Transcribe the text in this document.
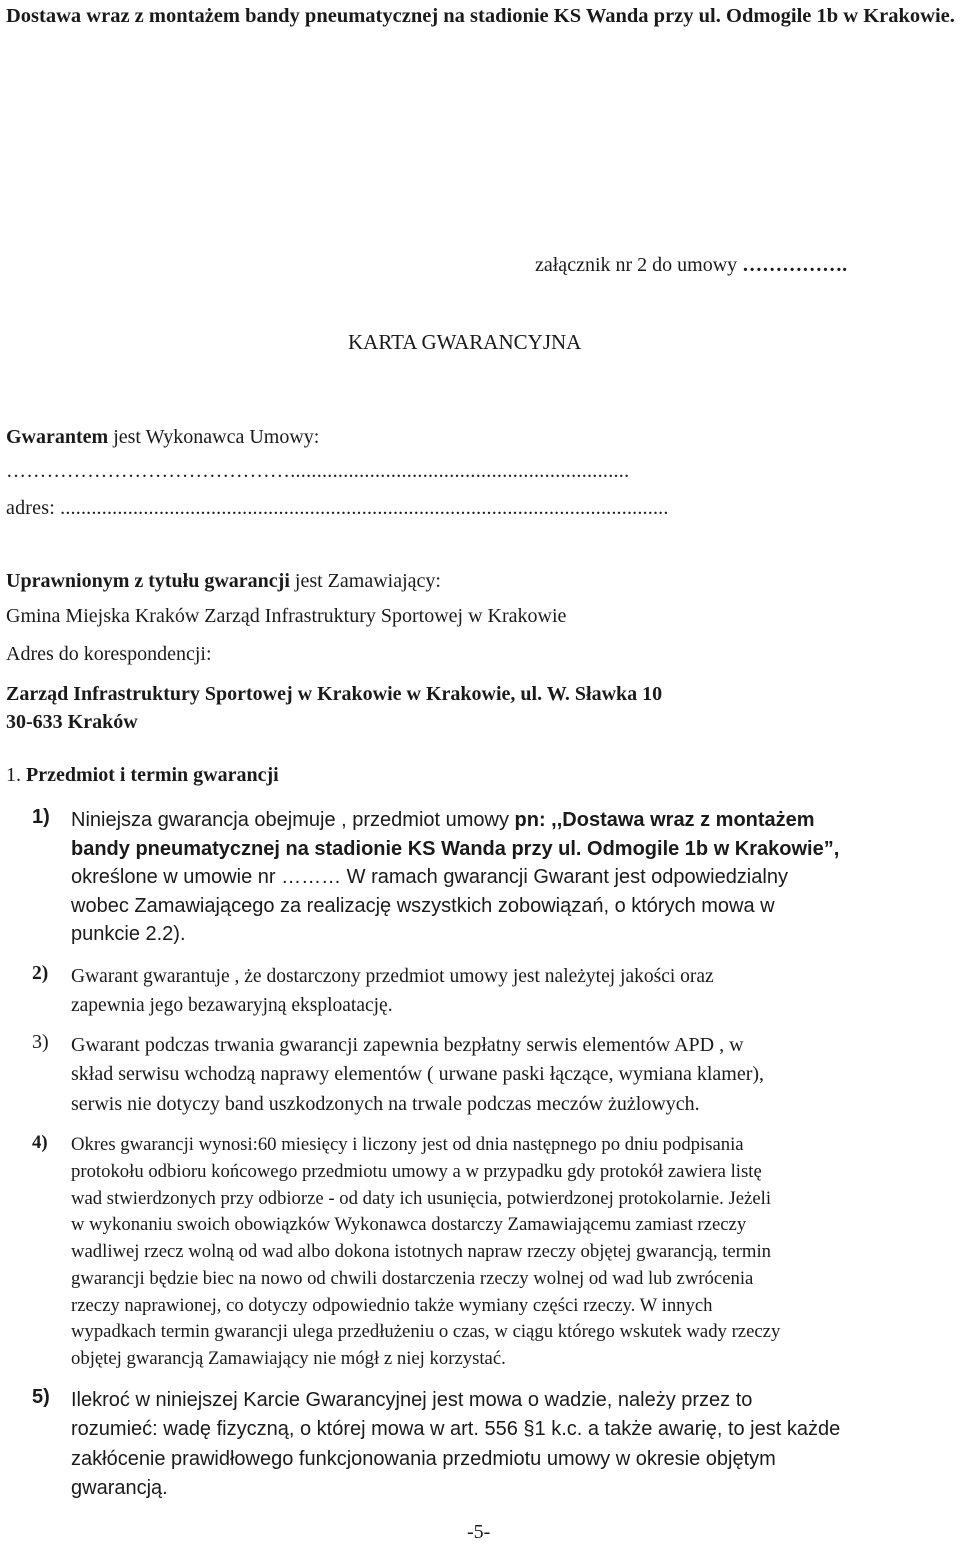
Dostawa wraz z montażem bandy pneumatycznej na stadionie KS Wanda przy ul. Odmogile 1b w Krakowie.
załącznik nr 2 do umowy …………….
KARTA GWARANCYJNA
Gwarantem jest Wykonawca Umowy:
……………………………………................................................................
adres: .....................................................................................................................
Uprawnionym z tytułu gwarancji jest Zamawiający:
Gmina Miejska Kraków Zarząd Infrastruktury Sportowej w Krakowie
Adres do korespondencji:
Zarząd Infrastruktury Sportowej w Krakowie w Krakowie, ul. W. Sławka 10
30-633 Kraków
1. Przedmiot i termin gwarancji
1) Niniejsza gwarancja obejmuje , przedmiot umowy pn: ,,Dostawa wraz z montażem
bandy pneumatycznej na stadionie KS Wanda przy ul. Odmogile 1b w Krakowie”,
określone w umowie nr ……… W ramach gwarancji Gwarant jest odpowiedzialny
wobec Zamawiającego za realizację wszystkich zobowiązań, o których mowa w
punkcie 2.2).
2) Gwarant gwarantuje , że dostarczony przedmiot umowy jest należytej jakości oraz
zapewnia jego bezawaryjną eksploatację.
3) Gwarant podczas trwania gwarancji zapewnia bezpłatny serwis elementów APD , w
skład serwisu wchodzą naprawy elementów ( urwane paski łączące, wymiana klamer),
serwis nie dotyczy band uszkodzonych na trwale podczas meczów żużlowych.
4) Okres gwarancji wynosi:60 miesięcy i liczony jest od dnia następnego po dniu podpisania
protokołu odbioru końcowego przedmiotu umowy a w przypadku gdy protokół zawiera listę
wad stwierdzonych przy odbiorze - od daty ich usunięcia, potwierdzonej protokolarnie. Jeżeli
w wykonaniu swoich obowiązków Wykonawca dostarczy Zamawiającemu zamiast rzeczy
wadliwej rzecz wolną od wad albo dokona istotnych napraw rzeczy objętej gwarancją, termin
gwarancji będzie biec na nowo od chwili dostarczenia rzeczy wolnej od wad lub zwrócenia
rzeczy naprawionej, co dotyczy odpowiednio także wymiany części rzeczy. W innych
wypadkach termin gwarancji ulega przedłużeniu o czas, w ciągu którego wskutek wady rzeczy
objętej gwarancją Zamawiający nie mógł z niej korzystać.
5) Ilekroć w niniejszej Karcie Gwarancyjnej jest mowa o wadzie, należy przez to
rozumieć: wadę fizyczną, o której mowa w art. 556 §1 k.c. a także awarię, to jest każde
zakłócenie prawidłowego funkcjonowania przedmiotu umowy w okresie objętym
gwarancją.
-5-
